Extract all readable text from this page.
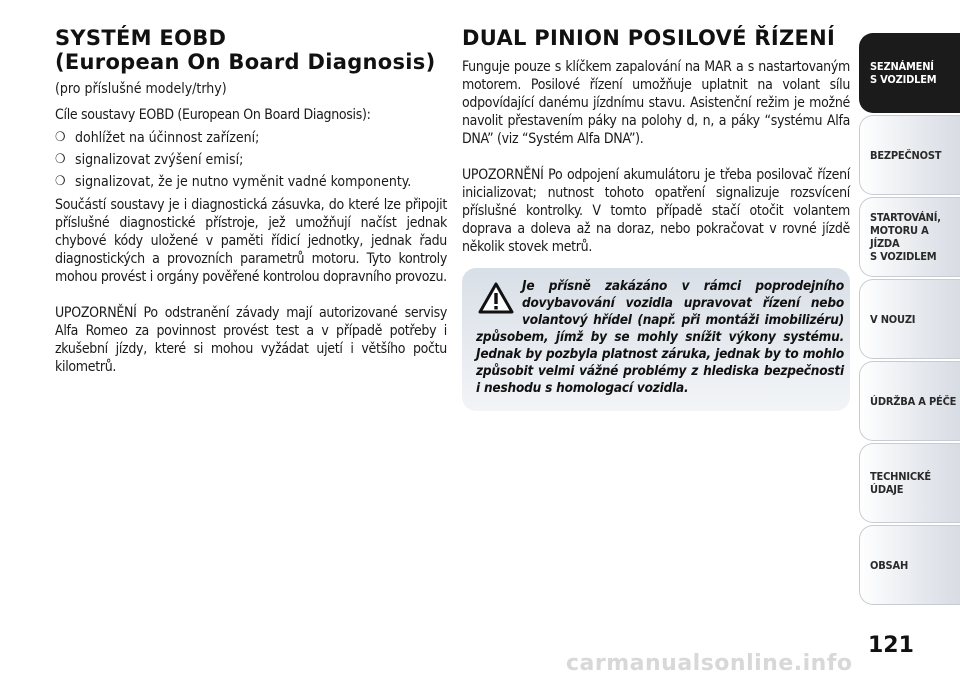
SYSTÉM EOBD
(European On Board Diagnosis)
(pro příslušné modely/trhy)

Cíle soustavy EOBD (European On Board Diagnosis):

❍ dohlížet na účinnost zařízení;
❍ signalizovat zvýšení emisí;
❍ signalizovat, že je nutno vyměnit vadné komponenty.

Součástí soustavy je i diagnostická zásuvka, do které lze připojit příslušné diagnostické přístroje, jež umožňují načíst jednak chybové kódy uložené v paměti řídicí jednotky, jednak řadu diagnostických a provozních parametrů motoru. Tyto kontroly mohou provést i orgány pověřené kontrolou dopravního provozu.

UPOZORNĚNÍ Po odstranění závady mají autorizované servisy Alfa Romeo za povinnost provést test a v případě potřeby i zkušební jízdy, které si mohou vyžádat ujetí i většího počtu kilometrů.

DUAL PINION POSILOVÉ ŘÍZENÍ

Funguje pouze s klíčkem zapalování na MAR a s nastartovaným motorem. Posilové řízení umožňuje uplatnit na volant sílu odpovídající danému jízdnímu stavu. Asistenční režim je možné navolit přestavením páky na polohy d, n, a páky “systému Alfa DNA” (viz “Systém Alfa DNA”).

UPOZORNĚNÍ Po odpojení akumulátoru je třeba posilovač řízení inicializovat; nutnost tohoto opatření signalizuje rozsvícení příslušné kontrolky. V tomto případě stačí otočit volantem doprava a doleva až na doraz, nebo pokračovat v rovné jízdě několik stovek metrů.

Je přísně zakázáno v rámci poprodejního dovybavování vozidla upravovat řízení nebo volantový hřídel (např. při montáži imobilizéru) způsobem, jímž by se mohly snížit výkony systému. Jednak by pozbyla platnost záruka, jednak by to mohlo způsobit velmi vážné problémy z hlediska bezpečnosti i neshodu s homologací vozidla.
SEZNÁMENÍ
S VOZIDLEM
BEZPEČNOST
STARTOVÁNÍ,
MOTORU A JÍZDA
S VOZIDLEM
V NOUZI
ÚDRŽBA A PÉČE
TECHNICKÉ
ÚDAJE
OBSAH
121
carmanualsonline.info
